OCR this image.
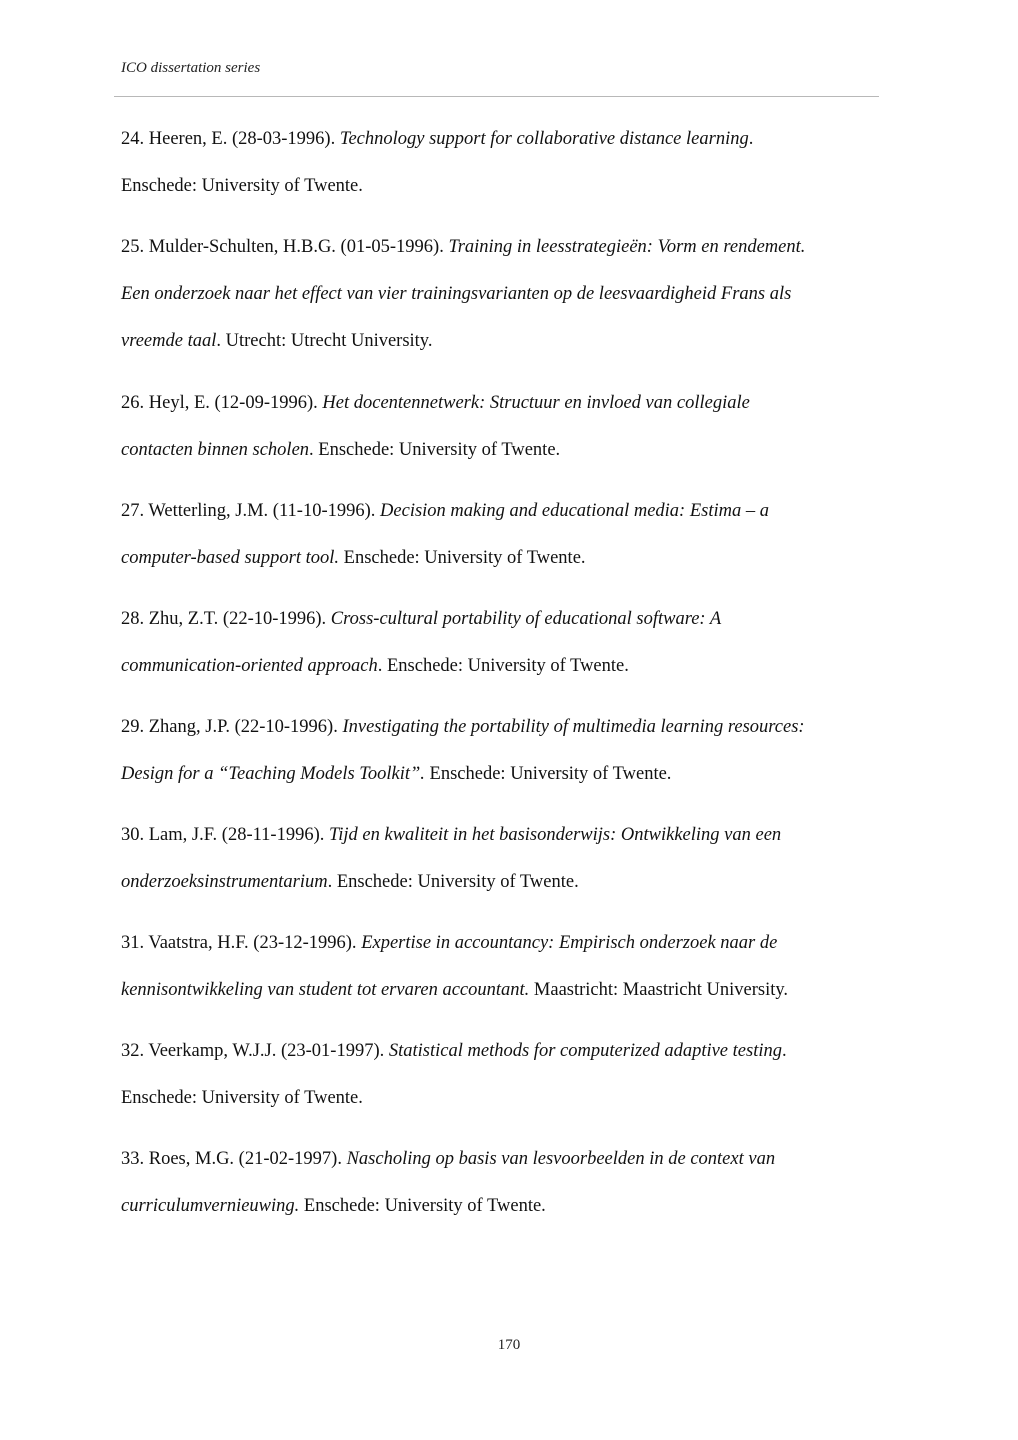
ICO dissertation series

24. Heeren, E. (28-03-1996). Technology support for collaborative distance learning.
Enschede: University of Twente.

25. Mulder-Schulten, H.B.G. (01-05-1996). Training in leesstrategieën: Vorm en rendement.
Een onderzoek naar het effect van vier trainingsvarianten op de leesvaardigheid Frans als
vreemde taal. Utrecht: Utrecht University.

26. Heyl, E. (12-09-1996). Het docentennetwerk: Structuur en invloed van collegiale
contacten binnen scholen. Enschede: University of Twente.

27. Wetterling, J.M. (11-10-1996). Decision making and educational media: Estima – a
computer-based support tool. Enschede: University of Twente.

28. Zhu, Z.T. (22-10-1996). Cross-cultural portability of educational software: A
communication-oriented approach. Enschede: University of Twente.

29. Zhang, J.P. (22-10-1996). Investigating the portability of multimedia learning resources:
Design for a “Teaching Models Toolkit”. Enschede: University of Twente.

30. Lam, J.F. (28-11-1996). Tijd en kwaliteit in het basisonderwijs: Ontwikkeling van een
onderzoeksinstrumentarium. Enschede: University of Twente.

31. Vaatstra, H.F. (23-12-1996). Expertise in accountancy: Empirisch onderzoek naar de
kennisontwikkeling van student tot ervaren accountant. Maastricht: Maastricht University.

32. Veerkamp, W.J.J. (23-01-1997). Statistical methods for computerized adaptive testing.
Enschede: University of Twente.

33. Roes, M.G. (21-02-1997). Nascholing op basis van lesvoorbeelden in de context van
curriculumvernieuwing. Enschede: University of Twente.

170
